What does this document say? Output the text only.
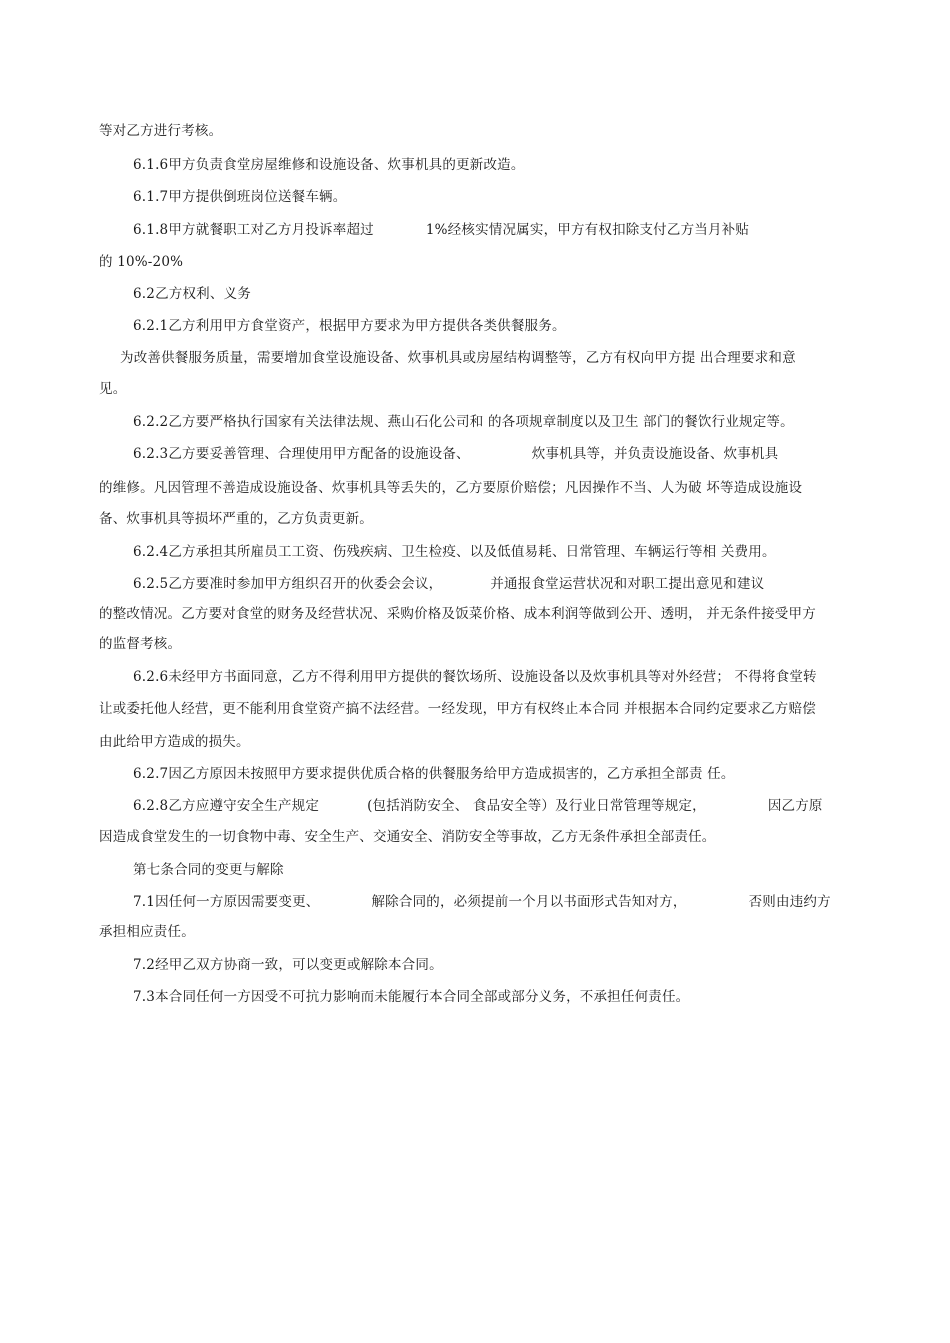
等对乙方进行考核。
6.1.6甲方负责食堂房屋维修和设施设备、炊事机具的更新改造。
6.1.7甲方提供倒班岗位送餐车辆。
6.1.8甲方就餐职工对乙方月投诉率超过	1%经核实情况属实，甲方有权扣除支付乙方当月补贴
的 10%-20%
6.2乙方权利、义务
6.2.1乙方利用甲方食堂资产，根据甲方要求为甲方提供各类供餐服务。
为改善供餐服务质量，需要增加食堂设施设备、炊事机具或房屋结构调整等，乙方有权向甲方提 出合理要求和意
见。
6.2.2乙方要严格执行国家有关法律法规、燕山石化公司和 的各项规章制度以及卫生 部门的餐饮行业规定等。
6.2.3乙方要妥善管理、合理使用甲方配备的设施设备、	炊事机具等，并负责设施设备、炊事机具
的维修。凡因管理不善造成设施设备、炊事机具等丢失的，乙方要原价赔偿；凡因操作不当、人为破 坏等造成设施设
备、炊事机具等损坏严重的，乙方负责更新。
6.2.4乙方承担其所雇员工工资、伤残疾病、卫生检疫、以及低值易耗、日常管理、车辆运行等相 关费用。
6.2.5乙方要准时参加甲方组织召开的伙委会会议，	并通报食堂运营状况和对职工提出意见和建议
的整改情况。乙方要对食堂的财务及经营状况、采购价格及饭菜价格、成本利润等做到公开、透明， 并无条件接受甲方
的监督考核。
6.2.6未经甲方书面同意，乙方不得利用甲方提供的餐饮场所、设施设备以及炊事机具等对外经营； 不得将食堂转
让或委托他人经营，更不能利用食堂资产搞不法经营。一经发现，甲方有权终止本合同 并根据本合同约定要求乙方赔偿
由此给甲方造成的损失。
6.2.7因乙方原因未按照甲方要求提供优质合格的供餐服务给甲方造成损害的，乙方承担全部责 任。
6.2.8乙方应遵守安全生产规定	(包括消防安全、 食品安全等）及行业日常管理等规定，	因乙方原
因造成食堂发生的一切食物中毒、安全生产、交通安全、消防安全等事故，乙方无条件承担全部责任。
第七条合同的变更与解除
7.1因任何一方原因需要变更、	解除合同的，必须提前一个月以书面形式告知对方，	否则由违约方
承担相应责任。
7.2经甲乙双方协商一致，可以变更或解除本合同。
7.3本合同任何一方因受不可抗力影响而未能履行本合同全部或部分义务，不承担任何责任。
